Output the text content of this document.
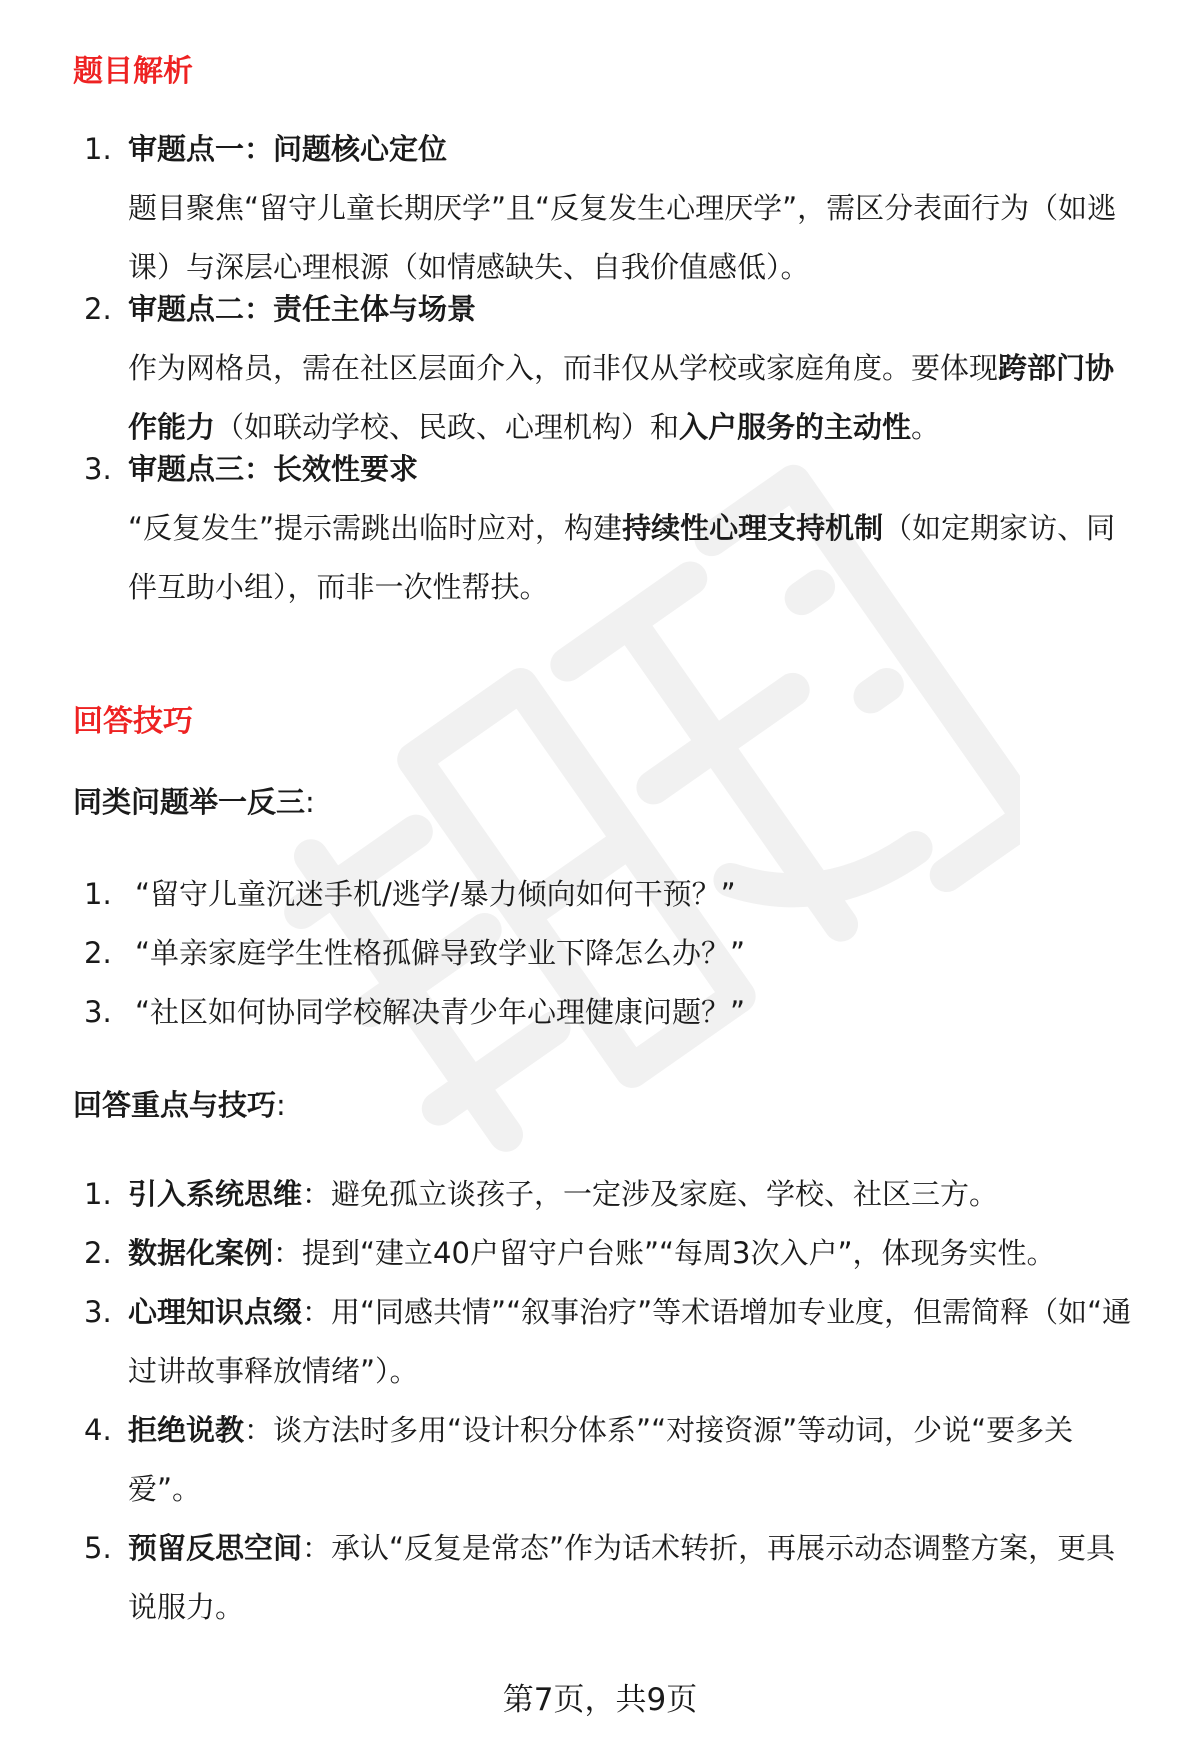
题目解析
1. 审题点一：问题核心定位
题目聚焦“留守儿童长期厌学”且“反复发生心理厌学”，需区分表面行为（如逃课）与深层心理根源（如情感缺失、自我价值感低）。
2. 审题点二：责任主体与场景
作为网格员，需在社区层面介入，而非仅从学校或家庭角度。要体现跨部门协作能力（如联动学校、民政、心理机构）和入户服务的主动性。
3. 审题点三：长效性要求
“反复发生”提示需跳出临时应对，构建持续性心理支持机制（如定期家访、同伴互助小组），而非一次性帮扶。
回答技巧
同类问题举一反三:
1. “留守儿童沉迷手机/逃学/暴力倾向如何干预？”
2. “单亲家庭学生性格孤僻导致学业下降怎么办？”
3. “社区如何协同学校解决青少年心理健康问题？”
回答重点与技巧:
1. 引入系统思维：避免孤立谈孩子，一定涉及家庭、学校、社区三方。
2. 数据化案例：提到“建立40户留守户台账”“每周3次入户”，体现务实性。
3. 心理知识点缀：用“同感共情”“叙事治疗”等术语增加专业度，但需简释（如“通过讲故事释放情绪”）。
4. 拒绝说教：谈方法时多用“设计积分体系”“对接资源”等动词，少说“要多关爱”。
5. 预留反思空间：承认“反复是常态”作为话术转折，再展示动态调整方案，更具说服力。
第7页，共9页
